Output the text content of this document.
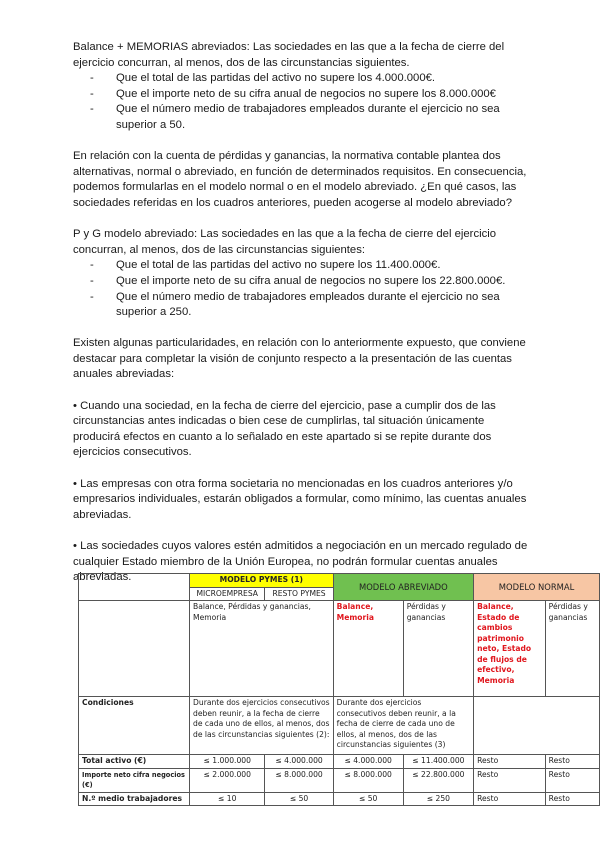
Balance + MEMORIAS abreviados: Las sociedades en las que a la fecha de cierre del ejercicio concurran, al menos, dos de las circunstancias siguientes.

- Que el total de las partidas del activo no supere los 4.000.000€.
- Que el importe neto de su cifra anual de negocios no supere los 8.000.000€
- Que el número medio de trabajadores empleados durante el ejercicio no sea superior a 50.

En relación con la cuenta de pérdidas y ganancias, la normativa contable plantea dos alternativas, normal o abreviado, en función de determinados requisitos. En consecuencia, podemos formularlas en el modelo normal o en el modelo abreviado. ¿En qué casos, las sociedades referidas en los cuadros anteriores, pueden acogerse al modelo abreviado?

P y G modelo abreviado: Las sociedades en las que a la fecha de cierre del ejercicio concurran, al menos, dos de las circunstancias siguientes:

- Que el total de las partidas del activo no supere los 11.400.000€.
- Que el importe neto de su cifra anual de negocios no supere los 22.800.000€.
- Que el número medio de trabajadores empleados durante el ejercicio no sea superior a 250.

Existen algunas particularidades, en relación con lo anteriormente expuesto, que conviene destacar para completar la visión de conjunto respecto a la presentación de las cuentas anuales abreviadas:

• Cuando una sociedad, en la fecha de cierre del ejercicio, pase a cumplir dos de las circunstancias antes indicadas o bien cese de cumplirlas, tal situación únicamente producirá efectos en cuanto a lo señalado en este apartado si se repite durante dos ejercicios consecutivos.

• Las empresas con otra forma societaria no mencionadas en los cuadros anteriores y/o empresarios individuales, estarán obligados a formular, como mínimo, las cuentas anuales abreviadas.

• Las sociedades cuyos valores estén admitidos a negociación en un mercado regulado de cualquier Estado miembro de la Unión Europea, no podrán formular cuentas anuales abreviadas.

		MODELO PYMES (1)		MODELO ABREVIADO		MODELO NORMAL	
	MICROEMPRESA	RESTO PYMES				
	Balance, Pérdidas y ganancias, Memoria		Balance, Memoria	Pérdidas y ganancias	Balance, Estado de cambios patrimonio neto, Estado de flujos de efectivo, Memoria	Pérdidas y ganancias
Condiciones	Durante dos ejercicios consecutivos deben reunir, a la fecha de cierre de cada uno de ellos, al menos, dos de las circunstancias siguientes (2):		Durante dos ejercicios consecutivos deben reunir, a la fecha de cierre de cada uno de ellos, al menos, dos de las circunstancias siguientes (3)			
Total activo (€)	≤ 1.000.000	≤ 4.000.000	≤ 4.000.000	≤ 11.400.000	Resto	Resto
Importe neto cifra negocios (€)	≤ 2.000.000	≤ 8.000.000	≤ 8.000.000	≤ 22.800.000	Resto	Resto
N.º medio trabajadores	≤ 10	≤ 50	≤ 50	≤ 250	Resto	Resto
